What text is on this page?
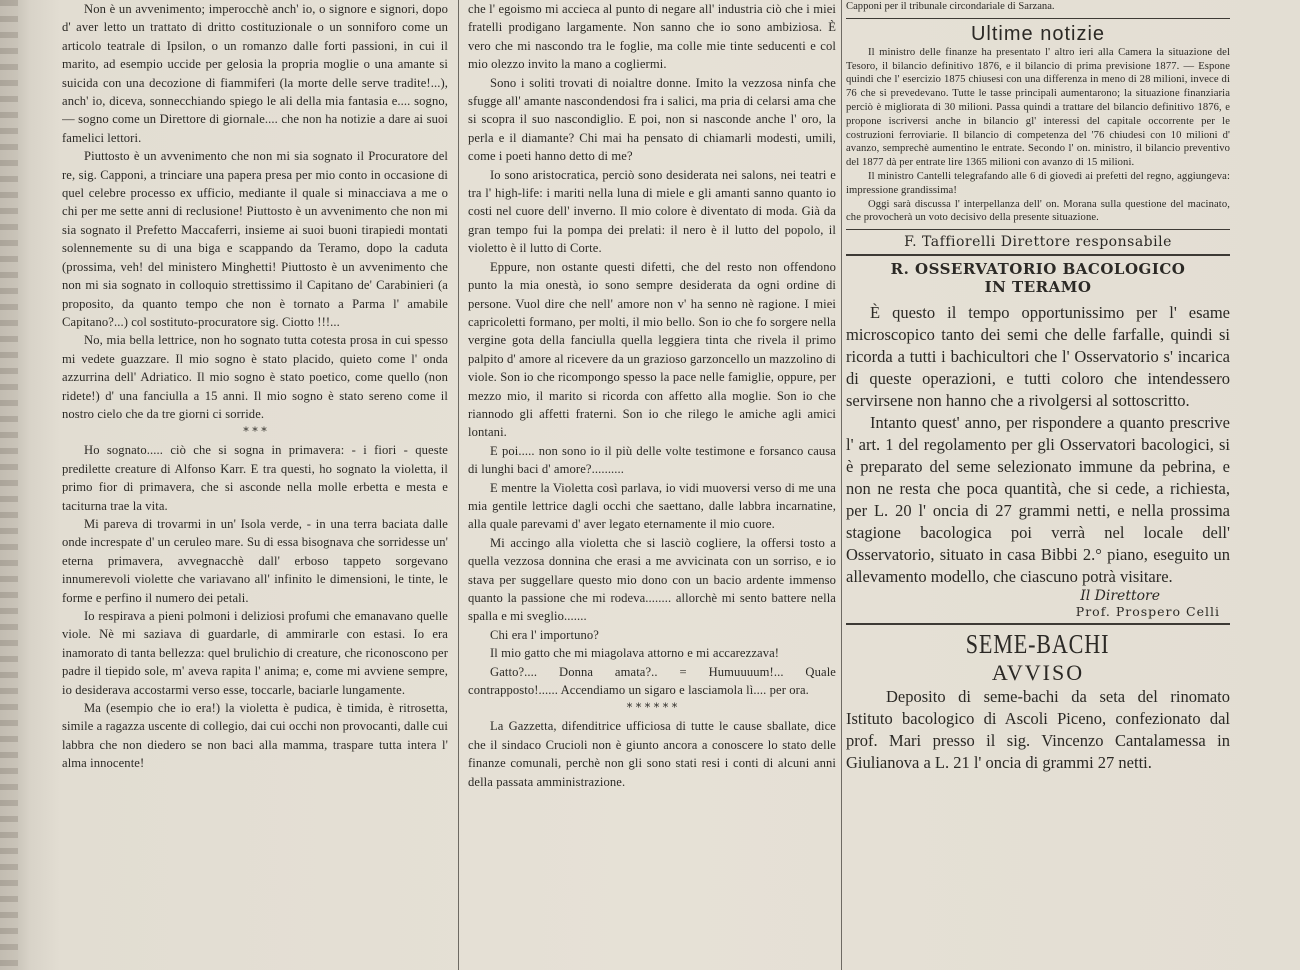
Non è un avvenimento; imperocchè anch' io, o signore e signori, dopo d' aver letto un trattato di dritto costituzionale o un sonniforo come un articolo teatrale di Ipsilon, o un romanzo dalle forti passioni, in cui il marito, ad esempio uccide per gelosia la propria moglie o una amante si suicida con una decozione di fiammiferi (la morte delle serve tradite!...), anch' io, diceva, sonnecchiando spiego le ali della mia fantasia e.... sogno, — sogno come un Direttore di giornale.... che non ha notizie a dare ai suoi famelici lettori.

Piuttosto è un avvenimento che non mi sia sognato il Procuratore del re, sig. Capponi, a trinciare una papera presa per mio conto in occasione di quel celebre processo ex ufficio, mediante il quale si minacciava a me o chi per me sette anni di reclusione! Piuttosto è un avvenimento che non mi sia sognato il Prefetto Maccaferri, insieme ai suoi buoni tirapiedi montati solennemente su di una biga e scappando da Teramo, dopo la caduta (prossima, veh! del ministero Minghetti! Piuttosto è un avvenimento che non mi sia sognato in colloquio strettissimo il Capitano de' Carabinieri (a proposito, da quanto tempo che non è tornato a Parma l' amabile Capitano?...) col sostituto-procuratore sig. Ciotto !!!...

No, mia bella lettrice, non ho sognato tutta cotesta prosa in cui spesso mi vedete guazzare. Il mio sogno è stato placido, quieto come l' onda azzurrina dell' Adriatico. Il mio sogno è stato poetico, come quello (non ridete!) d' una fanciulla a 15 anni. Il mio sogno è stato sereno come il nostro cielo che da tre giorni ci sorride.

* * *

Ho sognato..... ciò che si sogna in primavera: - i fiori - queste predilette creature di Alfonso Karr. E tra questi, ho sognato la violetta, il primo fior di primavera, che si asconde nella molle erbetta e mesta e taciturna trae la vita.

Mi pareva di trovarmi in un' Isola verde, - in una terra baciata dalle onde increspate d' un ceruleo mare. Su di essa bisognava che sorridesse un' eterna primavera, avvegnacchè dall' erboso tappeto sorgevano innumerevoli violette che variavano all' infinito le dimensioni, le tinte, le forme e perfino il numero dei petali.

Io respirava a pieni polmoni i deliziosi profumi che emanavano quelle viole. Nè mi saziava di guardarle, di ammirarle con estasi. Io era inamorato di tanta bellezza: quel brulichio di creature, che riconoscono per padre il tiepido sole, m' aveva rapita l' anima; e, come mi avviene sempre, io desiderava accostarmi verso esse, toccarle, baciarle lungamente.

Ma (esempio che io era!) la violetta è pudica, è timida, è ritrosetta, simile a ragazza uscente di collegio, dai cui occhi non provocanti, dalle cui labbra che non diedero se non baci alla mamma, traspare tutta intera l' alma innocente!

che l' egoismo mi accieca al punto di negare all' industria ciò che i miei fratelli prodigano largamente. Non sanno che io sono ambiziosa. È vero che mi nascondo tra le foglie, ma colle mie tinte seducenti e col mio olezzo invito la mano a cogliermi.

Sono i soliti trovati di noialtre donne. Imito la vezzosa ninfa che sfugge all' amante nascondendosi fra i salici, ma pria di celarsi ama che si scopra il suo nascondiglio. E poi, non si nasconde anche l' oro, la perla e il diamante? Chi mai ha pensato di chiamarli modesti, umili, come i poeti hanno detto di me?

Io sono aristocratica, perciò sono desiderata nei salons, nei teatri e tra l' high-life: i mariti nella luna di miele e gli amanti sanno quanto io costi nel cuore dell' inverno. Il mio colore è diventato di moda. Già da gran tempo fui la pompa dei prelati: il nero è il lutto del popolo, il violetto è il lutto di Corte.

Eppure, non ostante questi difetti, che del resto non offendono punto la mia onestà, io sono sempre desiderata da ogni ordine di persone. Vuol dire che nell' amore non v' ha senno nè ragione. I miei capricoletti formano, per molti, il mio bello. Son io che fo sorgere nella vergine gota della fanciulla quella leggiera tinta che rivela il primo palpito d' amore al ricevere da un grazioso garzoncello un mazzolino di viole. Son io che ricompongo spesso la pace nelle famiglie, oppure, per mezzo mio, il marito si ricorda con affetto alla moglie. Son io che riannodo gli affetti fraterni. Son io che rilego le amiche agli amici lontani.

E poi..... non sono io il più delle volte testimone e forsanco causa di lunghi baci d' amore?..........

E mentre la Violetta così parlava, io vidi muoversi verso di me una mia gentile lettrice dagli occhi che saettano, dalle labbra incarnatine, alla quale parevami d' aver legato eternamente il mio cuore.

Mi accingo alla violetta che si lasciò cogliere, la offersi tosto a quella vezzosa donnina che erasi a me avvicinata con un sorriso, e io stava per suggellare questo mio dono con un bacio ardente immenso quanto la passione che mi rodeva........ allorchè mi sento battere nella spalla e mi sveglio.......

Chi era l' importuno?

Il mio gatto che mi miagolava attorno e mi accarezzava!

Gatto?.... Donna amata?.. = Humuuuum!... Quale contrapposto!...... Accendiamo un sigaro e lasciamola lì.... per ora.

* * * * * *

La Gazzetta, difenditrice ufficiosa di tutte le cause sballate, dice che il sindaco Crucioli non è giunto ancora a conoscere lo stato delle finanze comunali, perchè non gli sono stati resi i conti di alcuni anni della passata amministrazione.

Capponi per il tribunale circondariale di Sarzana.

Ultime notizie

Il ministro delle finanze ha presentato l' altro ieri alla Camera la situazione del Tesoro, il bilancio definitivo 1876, e il bilancio di prima previsione 1877. — Espone quindi che l' esercizio 1875 chiusesi con una differenza in meno di 28 milioni, invece di 76 che si prevedevano. Tutte le tasse principali aumentarono; la situazione finanziaria perciò è migliorata di 30 milioni. Passa quindi a trattare del bilancio definitivo 1876, e propone iscriversi anche in bilancio gl' interessi del capitale occorrente per le costruzioni ferroviarie. Il bilancio di competenza del '76 chiudesi con 10 milioni d' avanzo, semprechè aumentino le entrate. Secondo l' on. ministro, il bilancio preventivo del 1877 dà per entrate lire 1365 milioni con avanzo di 15 milioni.

Il ministro Cantelli telegrafando alle 6 di giovedì ai prefetti del regno, aggiungeva: impressione grandissima!

Oggi sarà discussa l' interpellanza dell' on. Morana sulla questione del macinato, che provocherà un voto decisivo della presente situazione.

F. Taffiorelli Direttore responsabile
R. OSSERVATORIO BACOLOGICO
IN TERAMO

È questo il tempo opportunissimo per l' esame microscopico tanto dei semi che delle farfalle, quindi si ricorda a tutti i bachicultori che l' Osservatorio s' incarica di queste operazioni, e tutti coloro che intendessero servirsene non hanno che a rivolgersi al sottoscritto.

Intanto quest' anno, per rispondere a quanto prescrive l' art. 1 del regolamento per gli Osservatori bacologici, si è preparato del seme selezionato immune da pebrina, e non ne resta che poca quantità, che si cede, a richiesta, per L. 20 l' oncia di 27 grammi netti, e nella prossima stagione bacologica poi verrà nel locale dell' Osservatorio, situato in casa Bibbi 2.° piano, eseguito un allevamento modello, che ciascuno potrà visitare.

Il Direttore
Prof. Prospero Celli
SEME-BACHI
AVVISO

Deposito di seme-bachi da seta del rinomato Istituto bacologico di Ascoli Piceno, confezionato dal prof. Mari presso il sig. Vincenzo Cantalamessa in Giulianova a L. 21 l' oncia di grammi 27 netti.
